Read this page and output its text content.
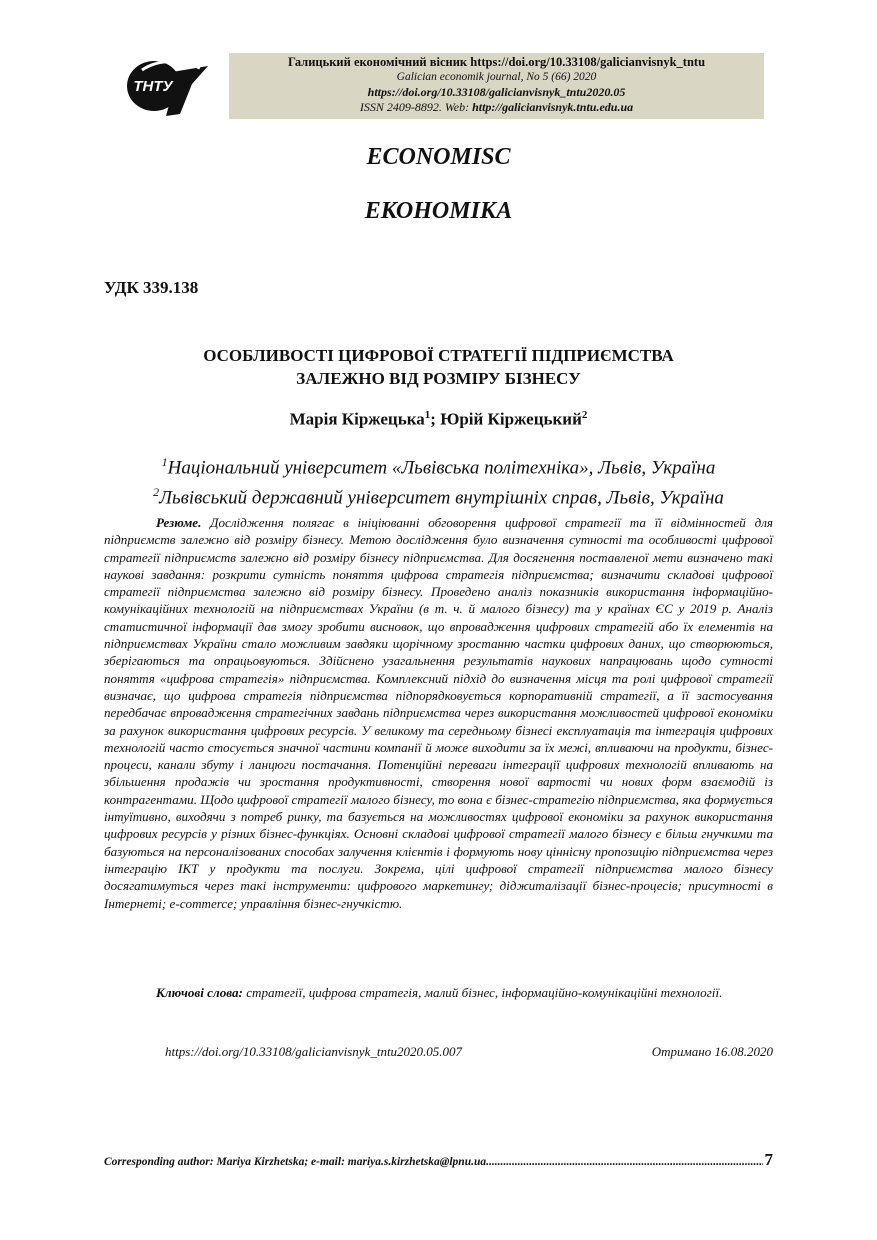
ТНТУ
Галицький економічний вісник https://doi.org/10.33108/galicianvisnyk_tntu
Galician economik journal, No 5 (66) 2020
https://doi.org/10.33108/galicianvisnyk_tntu2020.05
ISSN 2409-8892. Web: http://galicianvisnyk.tntu.edu.ua
ECONOMISC
ЕКОНОМІКА
УДК 339.138
ОСОБЛИВОСТІ ЦИФРОВОЇ СТРАТЕГІЇ ПІДПРИЄМСТВА
ЗАЛЕЖНО ВІД РОЗМІРУ БІЗНЕСУ
Марія Кіржецька$^1$; Юрій Кіржецький$^2$
$^1$Національний університет «Львівська політехніка», Львів, Україна
$^2$Львівський державний університет внутрішніх справ, Львів, Україна
Резюме. Дослідження полягає в ініціюванні обговорення цифрової стратегії та її відмінностей для підприємств залежно від розміру бізнесу. Метою дослідження було визначення сутності та особливості цифрової стратегії підприємств залежно від розміру бізнесу підприємства. Для досягнення поставленої мети визначено такі наукові завдання: розкрити сутність поняття цифрова стратегія підприємства; визначити складові цифрової стратегії підприємства залежно від розміру бізнесу. Проведено аналіз показників використання інформаційно-комунікаційних технологій на підприємствах України (в т. ч. й малого бізнесу) та у країнах ЄС у 2019 р. Аналіз статистичної інформації дав змогу зробити висновок, що впровадження цифрових стратегій або їх елементів на підприємствах України стало можливим завдяки щорічному зростанню частки цифрових даних, що створюються, зберігаються та опрацьовуються. Здійснено узагальнення результатів наукових напрацювань щодо сутності поняття «цифрова стратегія» підприємства. Комплексний підхід до визначення місця та ролі цифрової стратегії визначає, що цифрова стратегія підприємства підпорядковується корпоративній стратегії, а її застосування передбачає впровадження стратегічних завдань підприємства через використання можливостей цифрової економіки за рахунок використання цифрових ресурсів. У великому та середньому бізнесі експлуатація та інтеграція цифрових технологій часто стосується значної частини компанії й може виходити за їх межі, впливаючи на продукти, бізнес-процеси, канали збуту і ланцюги постачання. Потенційні переваги інтеграції цифрових технологій впливають на збільшення продажів чи зростання продуктивності, створення нової вартості чи нових форм взаємодій із контрагентами. Щодо цифрової стратегії малого бізнесу, то вона є бізнес-стратегію підприємства, яка формується інтуїтивно, виходячи з потреб ринку, та базується на можливостях цифрової економіки за рахунок використання цифрових ресурсів у різних бізнес-функціях. Основні складові цифрової стратегії малого бізнесу є більш гнучкими та базуються на персоналізованих способах залучення клієнтів і формують нову ціннісну пропозицію підприємства через інтеграцію ІКТ у продукти та послуги. Зокрема, цілі цифрової стратегії підприємства малого бізнесу досягатимуться через такі інструменти: цифрового маркетингу; діджиталізації бізнес-процесів; присутності в Інтернеті; e-commerce; управління бізнес-гнучкістю.
Ключові слова: стратегії, цифрова стратегія, малий бізнес, інформаційно-комунікаційні технології.
https://doi.org/10.33108/galicianvisnyk_tntu2020.05.007	Отримано 16.08.2020
Corresponding author: Mariya Kirzhetska; e-mail: mariya.s.kirzhetska@lpnu.ua
.....	7
